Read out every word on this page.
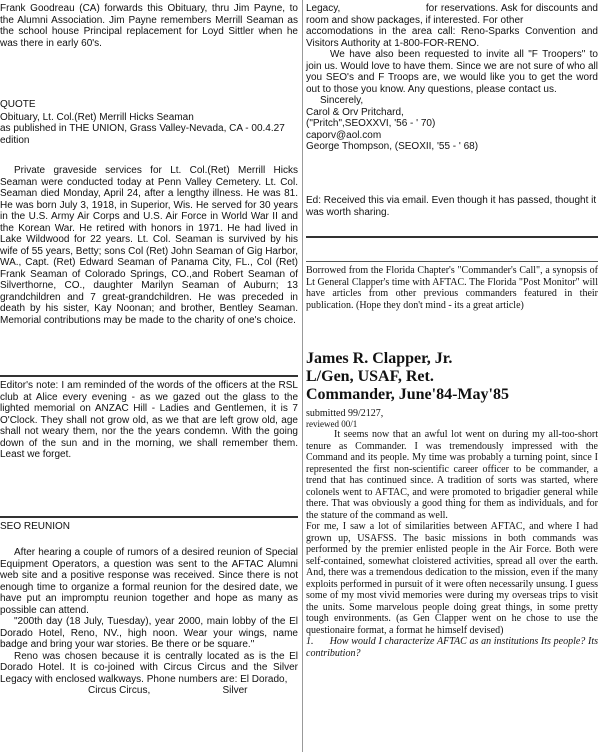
Frank Goodreau (CA) forwards this Obituary, thru Jim Payne, to the Alumni Association. Jim Payne remembers Merrill Seaman as the school house Principal replacement for Loyd Sittler when he was there in early 60's.

QUOTE

Obituary, Lt. Col.(Ret) Merrill Hicks Seaman

as published in THE UNION, Grass Valley-Nevada, CA - 00.4.27 edition

Private graveside services for Lt. Col.(Ret) Merrill Hicks Seaman were conducted today at Penn Valley Cemetery. Lt. Col. Seaman died Monday, April 24, after a lengthy illness. He was 81. He was born July 3, 1918, in Superior, Wis. He served for 30 years in the U.S. Army Air Corps and U.S. Air Force in World War II and the Korean War. He retired with honors in 1971. He had lived in Lake Wildwood for 22 years. Lt. Col. Seaman is survived by his wife of 55 years, Betty; sons Col (Ret) John Seaman of Gig Harbor, WA., Capt. (Ret) Edward Seaman of Panama City, FL., Col (Ret) Frank Seaman of Colorado Springs, CO.,and Robert Seaman of Silverthorne, CO., daughter Marilyn Seaman of Auburn; 13 grandchildren and 7 great-grandchildren. He was preceded in death by his sister, Kay Noonan; and brother, Bentley Seaman. Memorial contributions may be made to the charity of one's choice.

Editor's note: I am reminded of the words of the officers at the RSL club at Alice every evening - as we gazed out the glass to the lighted memorial on ANZAC Hill - Ladies and Gentlemen, it is 7 O'Clock. They shall not grow old, as we that are left grow old, age shall not weary them, nor the the years condemn. With the going down of the sun and in the morning, we shall remember them. Least we forget.

SEO REUNION

After hearing a couple of rumors of a desired reunion of Special Equipment Operators, a question was sent to the AFTAC Alumni web site and a positive response was received. Since there is not enough time to organize a formal reunion for the desired date, we have put an impromptu reunion together and hope as many as possible can attend.

"200th day (18 July, Tuesday), year 2000, main lobby of the El Dorado Hotel, Reno, NV., high noon. Wear your wings, name badge and bring your war stories. Be there or be square."

Reno was chosen because it is centrally located as is the El Dorado Hotel. It is co-joined with Circus Circus and the Silver Legacy with enclosed walkways. Phone numbers are: El Dorado,

Circus Circus,                          Silver

Legacy,                          for reservations. Ask for discounts and room and show packages, if interested. For other

accomodations in the area call: Reno-Sparks Convention and Visitors Authority at 1-800-FOR-RENO.

We have also been requested to invite all "F Troopers" to join us. Would love to have them. Since we are not sure of who all you SEO's and F Troops are, we would like you to get the word out to those you know. Any questions, please contact us.

Sincerely,

Carol & Orv Pritchard,

("Pritch",SEOXXVI, '56 - ' 70)

caporv@aol.com

George Thompson, (SEOXII, '55 - ' 68)

Ed: Received this via email. Even though it has passed, thought it was worth sharing.

Borrowed from the Florida Chapter's "Commander's Call", a synopsis of Lt General Clapper's time with AFTAC. The Florida "Post Monitor" will have articles from other previous commanders featured in their publication. (Hope they don't mind - its a great article)

James R. Clapper, Jr.

L/Gen, USAF, Ret.

Commander, June'84-May'85

submitted 99/2127,

reviewed 00/1

It seems now that an awful lot went on during my all-too-short tenure as Commander. I was tremendously impressed with the Command and its people. My time was probably a turning point, since I represented the first non-scientific career officer to be commander, a trend that has continued since. A tradition of sorts was started, where colonels went to AFTAC, and were promoted to brigadier general while there. That was obviously a good thing for them as individuals, and for the stature of the command as well.

For me, I saw a lot of similarities between AFTAC, and where I had grown up, USAFSS. The basic missions in both commands was performed by the premier enlisted people in the Air Force. Both were self-contained, somewhat cloistered activities, spread all over the earth. And, there was a tremendous dedication to the mission, even if the many exploits performed in pursuit of it were often necessarily unsung. I guess some of my most vivid memories were during my overseas trips to visit the units. Some marvelous people doing great things, in some pretty tough environments. (as Gen Clapper went on he chose to use the questionaire format, a format he himself devised)

1.      How would I characterize AFTAC as an institutions Its people? Its contribution?
